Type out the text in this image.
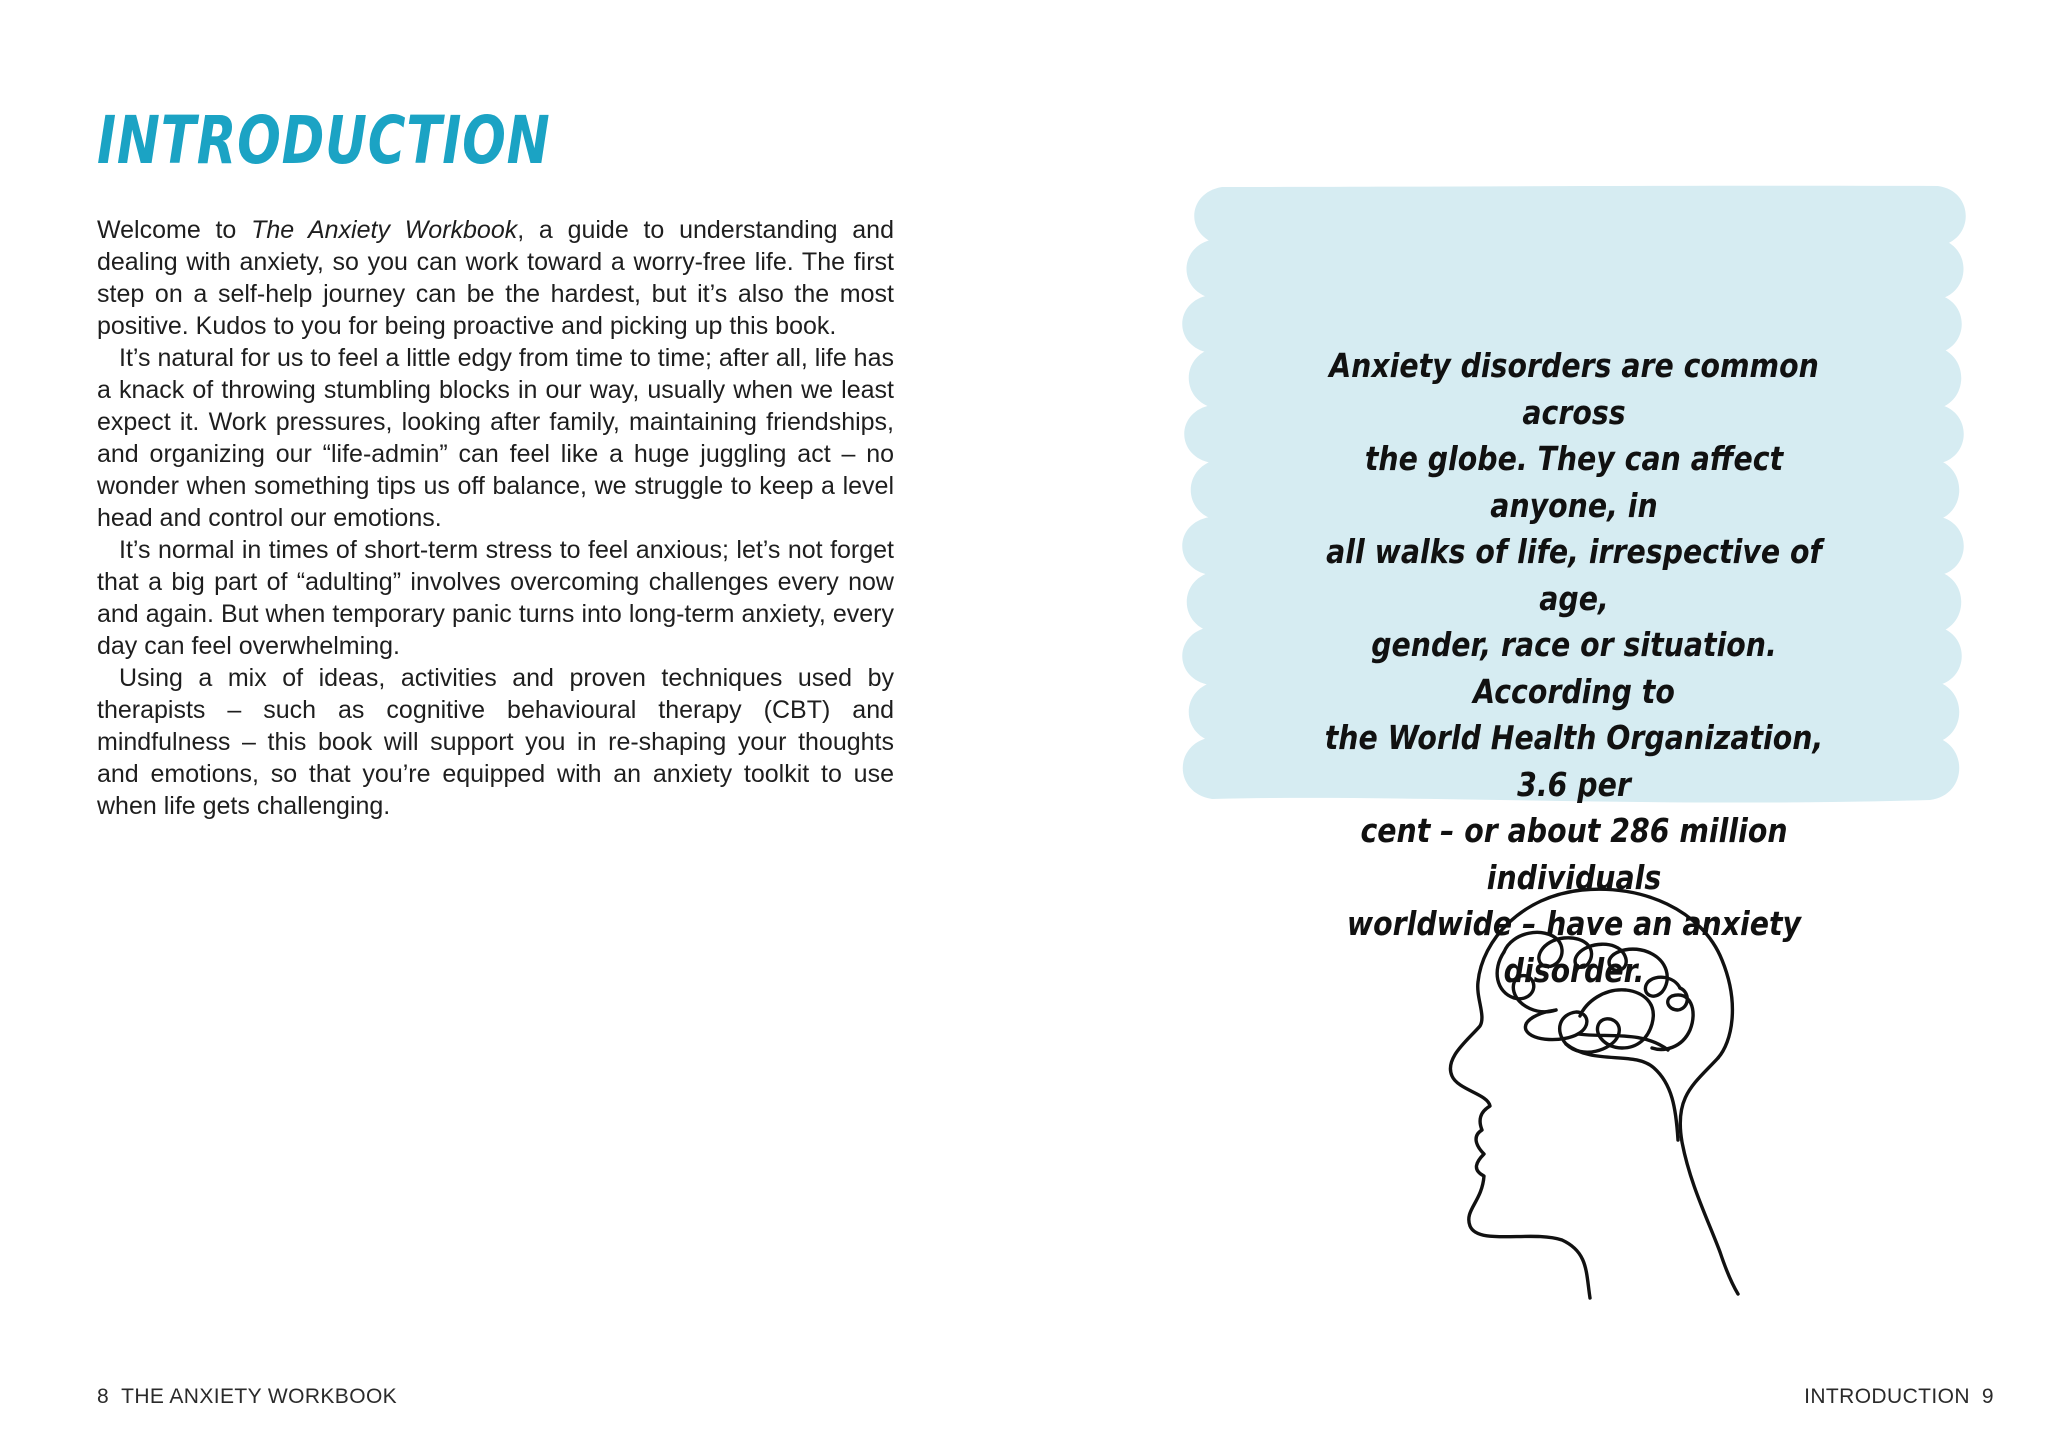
INTRODUCTION

Welcome to The Anxiety Workbook, a guide to understanding and dealing with anxiety, so you can work toward a worry-free life. The first step on a self-help journey can be the hardest, but it’s also the most positive. Kudos to you for being proactive and picking up this book.

It’s natural for us to feel a little edgy from time to time; after all, life has a knack of throwing stumbling blocks in our way, usually when we least expect it. Work pressures, looking after family, maintaining friendships, and organizing our “life-admin” can feel like a huge juggling act – no wonder when something tips us off balance, we struggle to keep a level head and control our emotions.

It’s normal in times of short-term stress to feel anxious; let’s not forget that a big part of “adulting” involves overcoming challenges every now and again. But when temporary panic turns into long-term anxiety, every day can feel overwhelming.

Using a mix of ideas, activities and proven techniques used by therapists – such as cognitive behavioural therapy (CBT) and mindfulness – this book will support you in re-shaping your thoughts and emotions, so that you’re equipped with an anxiety toolkit to use when life gets challenging.

8 THE ANXIETY WORKBOOK
Anxiety disorders are common across
the globe. They can affect anyone, in
all walks of life, irrespective of age,
gender, race or situation. According to
the World Health Organization, 3.6 per
cent – or about 286 million individuals
worldwide – have an anxiety disorder.
INTRODUCTION 9
